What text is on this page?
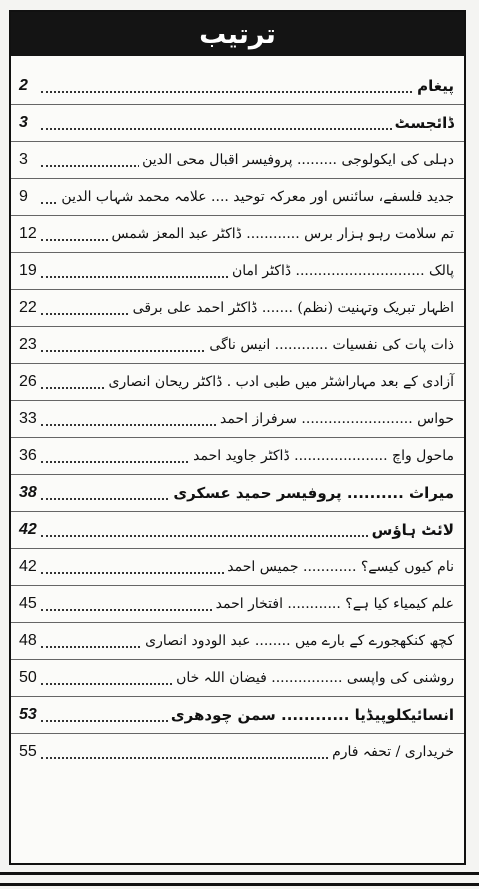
ترتیب
2	پیغام
3	ڈائجسٹ
3	دہلی کی ایکولوجی ......... پروفیسر اقبال محی الدین
9 جدید فلسفے، سائنس اور معرکہ توحید .... علامہ محمد شہاب الدین
12	تم سلامت رہو ہزار برس ............ ڈاکٹر عبد المعز شمس
19	پالک ............................. ڈاکٹر امان
22	اظہار تبریک وتہنیت (نظم) ....... ڈاکٹر احمد علی برقی
23	ذات پات کی نفسیات ............ انیس ناگی
26	آزادی کے بعد مہاراشٹر میں طبی ادب . ڈاکٹر ریحان انصاری
33	حواس ......................... سرفراز احمد
36	ماحول واچ ..................... ڈاکٹر جاوید احمد
38	میراث .......... پروفیسر حمید عسکری
42	لائٹ ہاؤس
42	نام کیوں کیسے؟ ............ جمیس احمد
45	علم کیمیاء کیا ہے؟ ............ افتخار احمد
48	کچھ کنکھجورے کے بارے میں ........ عبد الودود انصاری
50	روشنی کی واپسی ................ فیضان اللہ خاں
53	انسائیکلوپیڈیا ............ سمن چودھری
55	خریداری / تحفہ فارم
